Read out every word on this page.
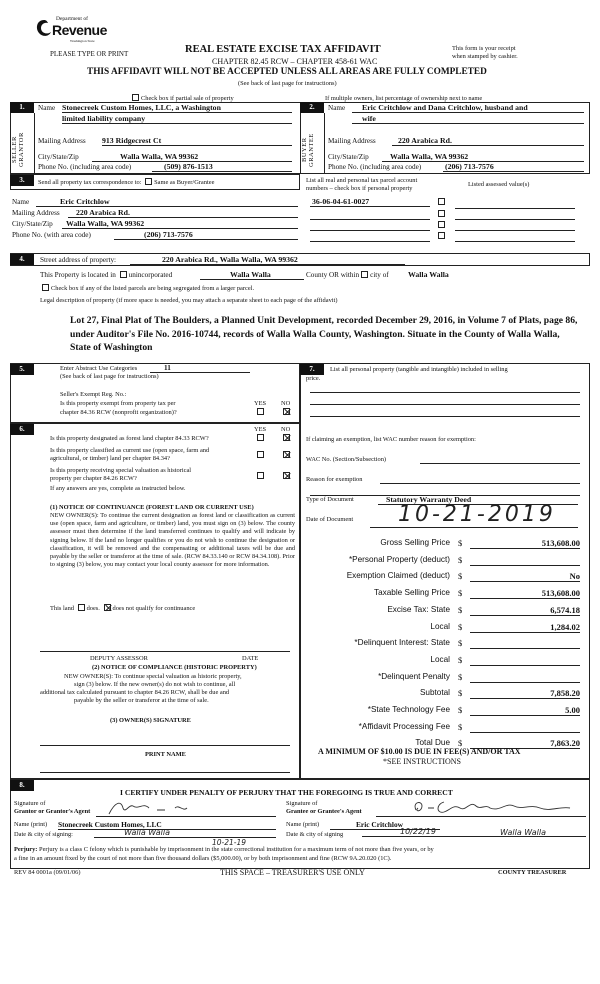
Department of
Revenue
Washington State
PLEASE TYPE OR PRINT	REAL ESTATE EXCISE TAX AFFIDAVIT
CHAPTER 82.45 RCW – CHAPTER 458-61 WAC
This form is your receipt
when stamped by cashier.
THIS AFFIDAVIT WILL NOT BE ACCEPTED UNLESS ALL AREAS ARE FULLY COMPLETED
(See back of last page for instructions)
Check box if partial sale of property	If multiple owners, list percentage of ownership next to name
1.	2.
SELLER GRANTOR	BUYER GRANTEE
Name Stonecreek Custom Homes, LLC, a Washington
limited liability company
Mailing Address 913 Ridgecrest Ct
City/State/Zip	Walla Walla, WA 99362
Phone No. (including area code)	(509) 876-1513
Name	Eric Critchlow and Dana Critchlow, husband and
wife
Mailing Address	220 Arabica Rd.
City/State/Zip	Walla Walla, WA 99362
Phone No. (including area code)	(206) 713-7576
3.	Send all property tax correspondence to: Same as Buyer/Grantee	List all real and personal tax parcel account
numbers – check box if personal property
Listed assessed value(s)
Name	Eric Critchlow
Mailing Address	220 Arabica Rd.
City/State/Zip	Walla Walla, WA 99362
Phone No. (with area code)	(206) 713-7576
36-06-04-61-0027
4.	Street address of property:	220 Arabica Rd., Walla Walla, WA 99362
This Property is located in unincorporated	Walla Walla	County OR within city of Walla Walla
Check box if any of the listed parcels are being segregated from a larger parcel.
Legal description of property (if more space is needed, you may attach a separate sheet to each page of the affidavit)

Lot 27, Final Plat of The Boulders, a Planned Unit Development, recorded December 29, 2016, in Volume 7 of Plats, page 86, under Auditor's File No. 2016-10744, records of Walla Walla County, Washington. Situate in the County of Walla Walla, State of Washington

5.	Enter Abstract Use Categories	11
(See back of last page for instructions)
Seller's Exempt Reg. No.:
Is this property exempt from property tax per
chapter 84.36 RCW (nonprofit organization)?
YES NO
6.	YES NO
Is this property designated as forest land chapter 84.33 RCW?
Is this property classified as current use (open space, farm and
agricultural, or timber) land per chapter 84.34?
Is this property receiving special valuation as historical
property per chapter 84.26 RCW?
If any answers are yes, complete as instructed below.
(1) NOTICE OF CONTINUANCE (FOREST LAND OR CURRENT USE)

NEW OWNER(S): To continue the current designation as forest land or classification as current use (open space, farm and agriculture, or timber) land, you must sign on (3) below. The county assessor must then determine if the land transferred continues to qualify and will indicate by signing below. If the land no longer qualifies or you do not wish to continue the designation or classification, it will be removed and the compensating or additional taxes will be due and payable by the seller or transferor at the time of sale. (RCW 84.33.140 or RCW 84.34.108). Prior to signing (3) below, you may contact your local county assessor for more information.

This land does. does not qualify for continuance
DEPUTY ASSESSOR	DATE
(2) NOTICE OF COMPLIANCE (HISTORIC PROPERTY)
NEW OWNER(S): To continue special valuation as historic property,
sign (3) below. If the new owner(s) do not wish to continue, all
additional tax calculated pursuant to chapter 84.26 RCW, shall be due and
payable by the seller or transferor at the time of sale.
(3) OWNER(S) SIGNATURE
PRINT NAME
7.	List all personal property (tangible and intangible) included in selling
price.
If claiming an exemption, list WAC number reason for exemption:
WAC No. (Section/Subsection)
Reason for exemption
Type of Document	Statutory Warranty Deed
Date of Document	10-21-2019
Gross Selling Price $	513,608.00
*Personal Property (deduct) $
Exemption Claimed (deduct) $	No
Taxable Selling Price $	513,608.00
Excise Tax: State $	6,574.18
Local $	1,284.02
*Delinquent Interest: State $
Local $
*Delinquent Penalty $
Subtotal $	7,858.20
*State Technology Fee $	5.00
*Affidavit Processing Fee $
Total Due $	7,863.20
A MINIMUM OF $10.00 IS DUE IN FEE(S) AND/OR TAX
*SEE INSTRUCTIONS
8.
I CERTIFY UNDER PENALTY OF PERJURY THAT THE FOREGOING IS TRUE AND CORRECT
Signature of
Grantor or Grantor's Agent
Name (print) Stonecreek Custom Homes, LLC
Date & city of signing:	Walla Walla
10-21-19
Signature of
Grantee or Grantee's Agent
Name (print)	Eric Critchlow
Date & city of signing	10/22/19	Walla Walla
Perjury: Perjury is a class C felony which is punishable by imprisonment in the state correctional institution for a maximum term of not more than five years, or by
a fine in an amount fixed by the court of not more than five thousand dollars ($5,000.00), or by both imprisonment and fine (RCW 9A.20.020 (1C).
REV 84 0001a (09/01/06)	THIS SPACE – TREASURER'S USE ONLY	COUNTY TREASURER
